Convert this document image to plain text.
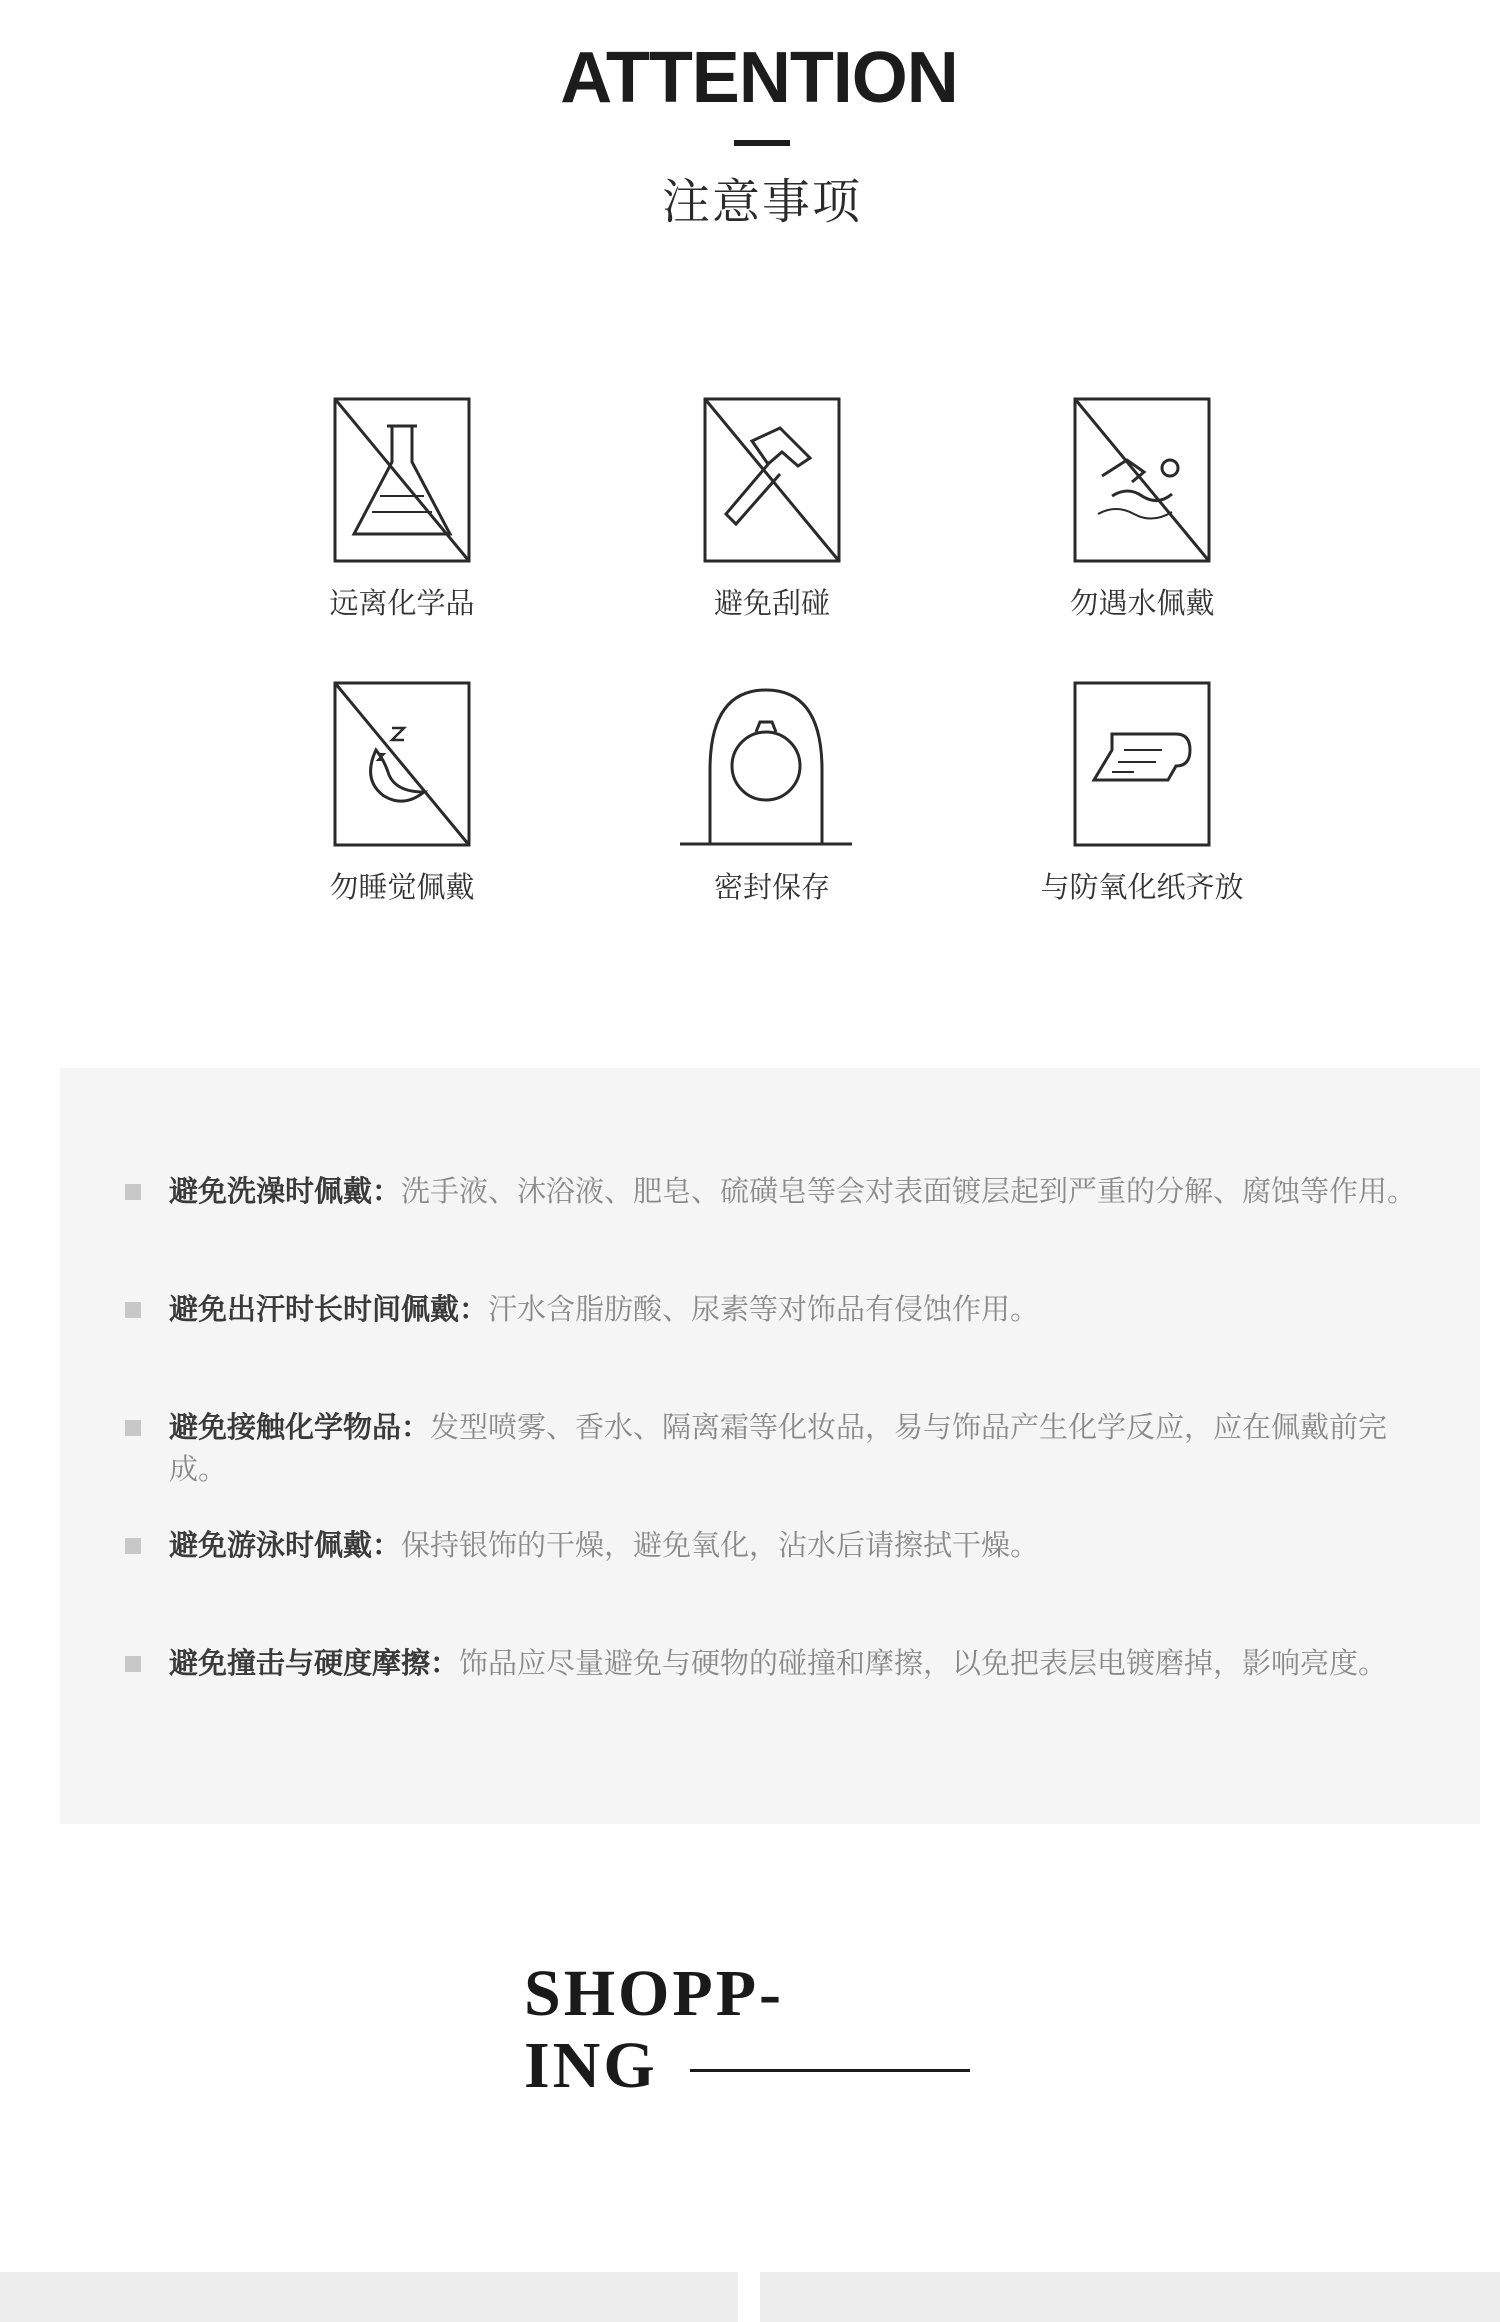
ATTENTION
注意事项
远离化学品	避免刮碰	勿遇水佩戴
勿睡觉佩戴	密封保存	与防氧化纸齐放
避免洗澡时佩戴：洗手液、沐浴液、肥皂、硫磺皂等会对表面镀层起到严重的分解、腐蚀等作用。
避免出汗时长时间佩戴：汗水含脂肪酸、尿素等对饰品有侵蚀作用。
避免接触化学物品：发型喷雾、香水、隔离霜等化妆品，易与饰品产生化学反应，应在佩戴前完成。
避免游泳时佩戴：保持银饰的干燥，避免氧化，沾水后请擦拭干燥。
避免撞击与硬度摩擦：饰品应尽量避免与硬物的碰撞和摩擦，以免把表层电镀磨掉，影响亮度。
SHOPP-
ING
